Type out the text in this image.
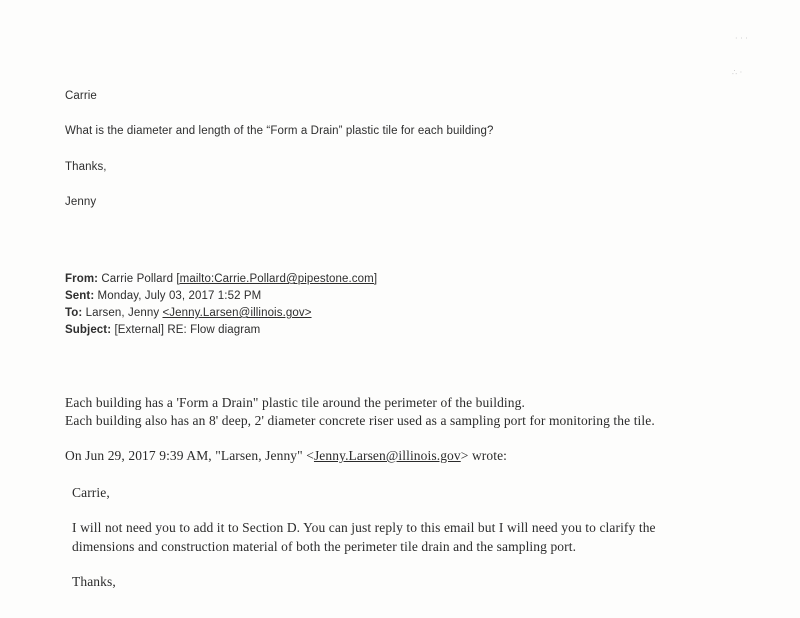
· · ·
∴ ·
Carrie
What is the diameter and length of the “Form a Drain” plastic tile for each building?
Thanks,
Jenny
From: Carrie Pollard [mailto:Carrie.Pollard@pipestone.com]
Sent: Monday, July 03, 2017 1:52 PM
To: Larsen, Jenny <Jenny.Larsen@illinois.gov>
Subject: [External] RE: Flow diagram
Each building has a 'Form a Drain" plastic tile around the perimeter of the building.
Each building also has an 8' deep, 2' diameter concrete riser used as a sampling port for monitoring the tile.
On Jun 29, 2017 9:39 AM, "Larsen, Jenny" <Jenny.Larsen@illinois.gov> wrote:
Carrie,
I will not need you to add it to Section D. You can just reply to this email but I will need you to clarify the
dimensions and construction material of both the perimeter tile drain and the sampling port.
Thanks,
